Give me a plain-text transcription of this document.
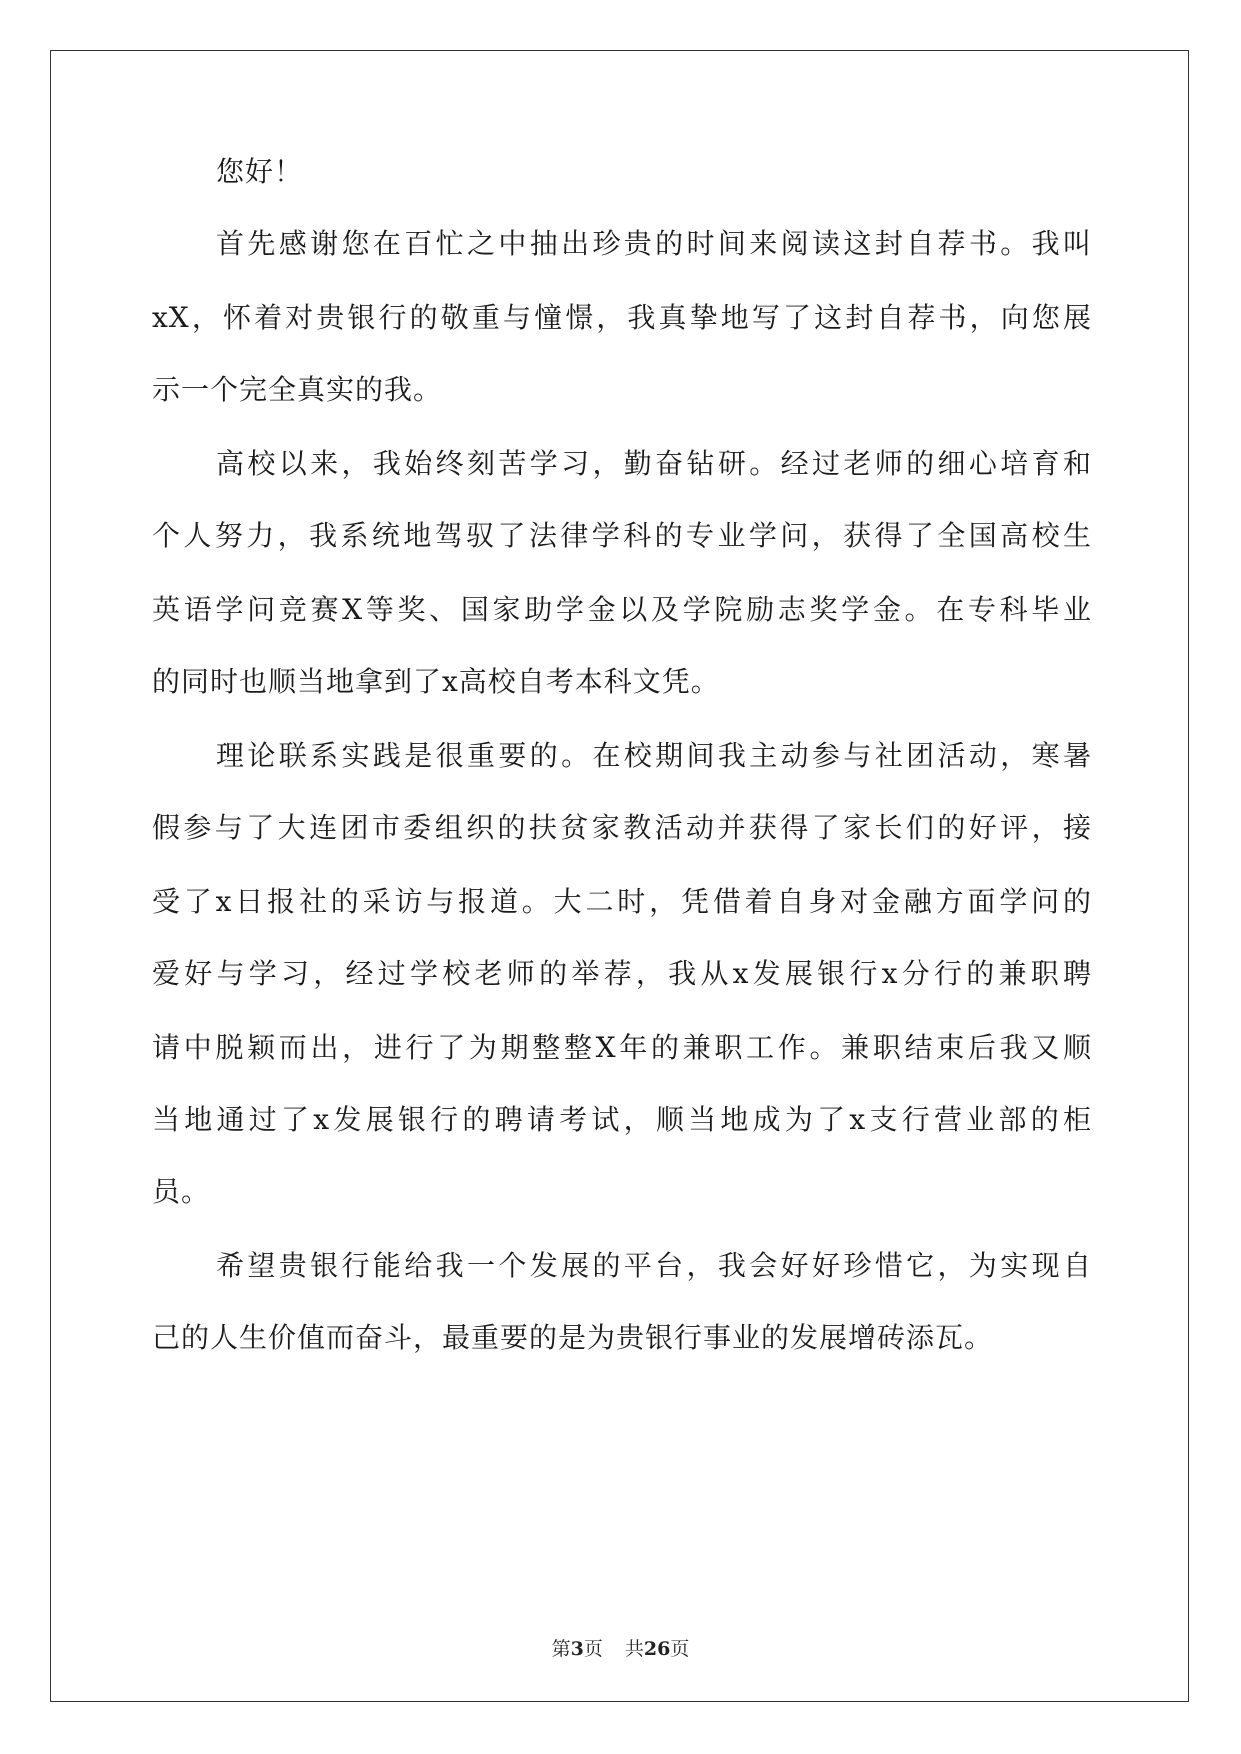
您好！
首先感谢您在百忙之中抽出珍贵的时间来阅读这封自荐书。我叫
xX，怀着对贵银行的敬重与憧憬，我真挚地写了这封自荐书，向您展
示一个完全真实的我。
高校以来，我始终刻苦学习，勤奋钻研。经过老师的细心培育和
个人努力，我系统地驾驭了法律学科的专业学问，获得了全国高校生
英语学问竞赛X等奖、国家助学金以及学院励志奖学金。在专科毕业
的同时也顺当地拿到了x高校自考本科文凭。
理论联系实践是很重要的。在校期间我主动参与社团活动，寒暑
假参与了大连团市委组织的扶贫家教活动并获得了家长们的好评，接
受了x日报社的采访与报道。大二时，凭借着自身对金融方面学问的
爱好与学习，经过学校老师的举荐，我从x发展银行x分行的兼职聘
请中脱颖而出，进行了为期整整X年的兼职工作。兼职结束后我又顺
当地通过了x发展银行的聘请考试，顺当地成为了x支行营业部的柜
员。
希望贵银行能给我一个发展的平台，我会好好珍惜它，为实现自
己的人生价值而奋斗，最重要的是为贵银行事业的发展增砖添瓦。
第3页 共26页
